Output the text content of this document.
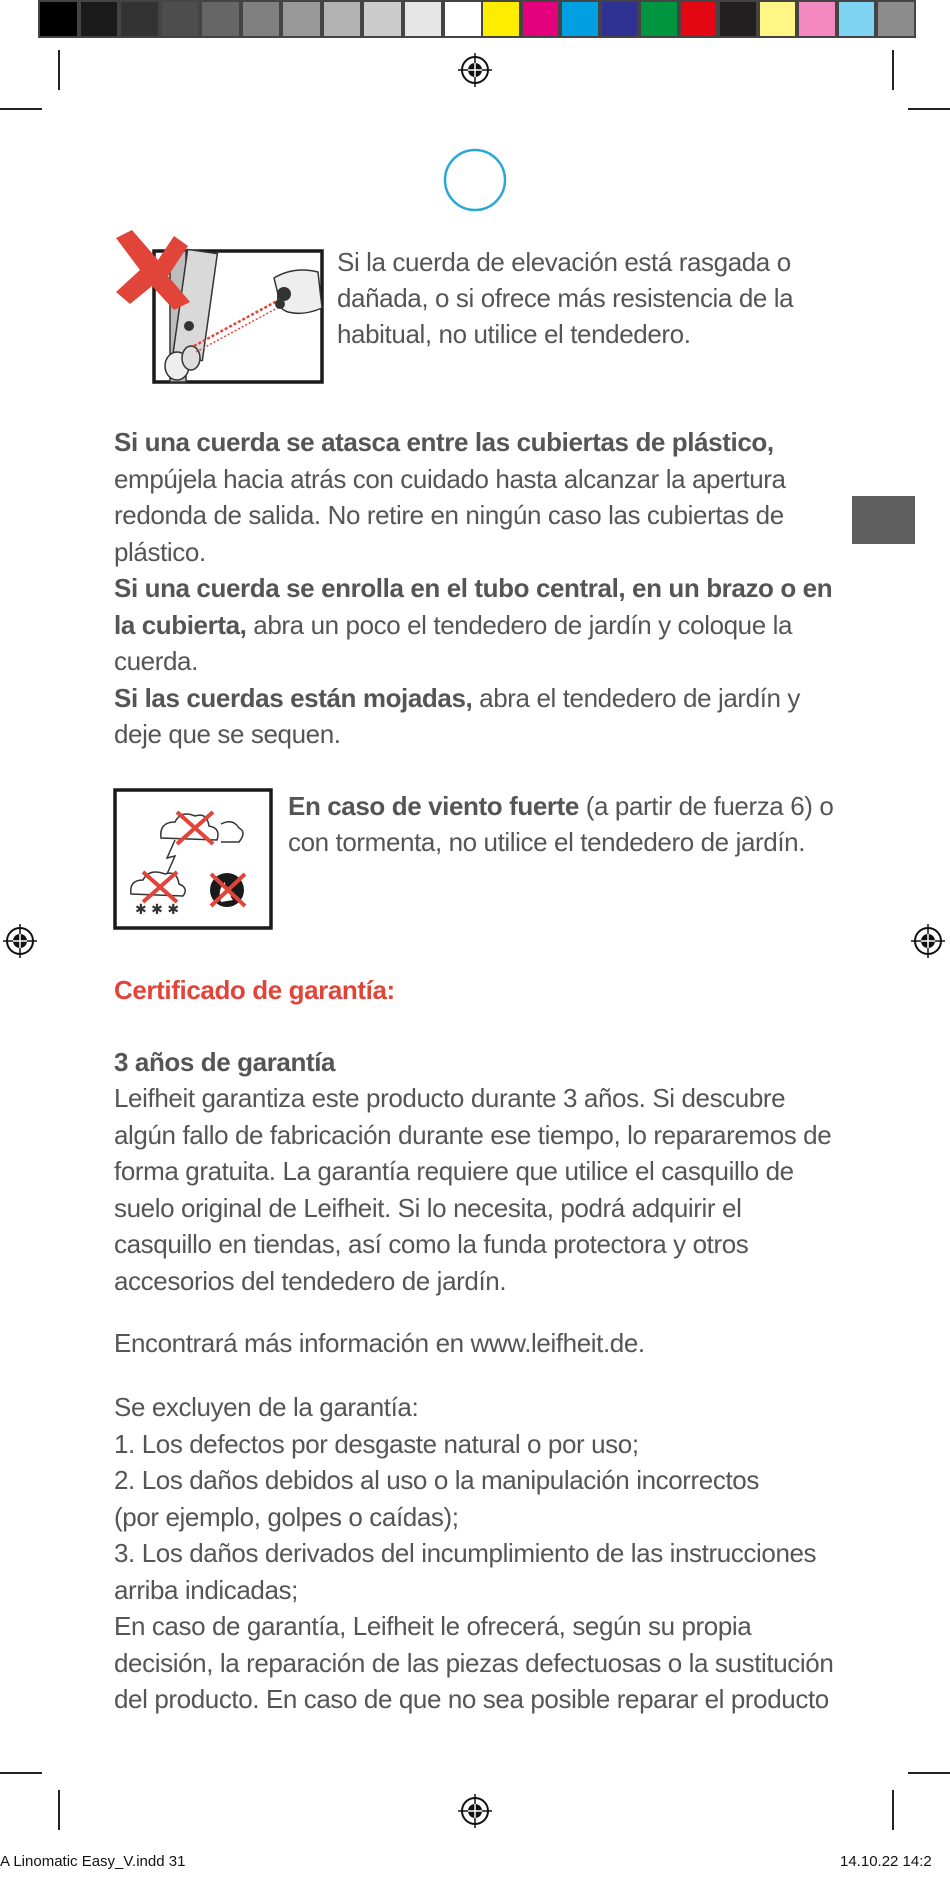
Si la cuerda de elevación está rasgada o dañada, o si ofrece más resistencia de la habitual, no utilice el tendedero.

Si una cuerda se atasca entre las cubiertas de plástico, empújela hacia atrás con cuidado hasta alcanzar la apertura redonda de salida. No retire en ningún caso las cubiertas de plástico.

Si una cuerda se enrolla en el tubo central, en un brazo o en la cubierta, abra un poco el tendedero de jardín y coloque la cuerda.

Si las cuerdas están mojadas, abra el tendedero de jardín y deje que se sequen.

✱ ✱ ✱
En caso de viento fuerte (a partir de fuerza 6) o con tormenta, no utilice el tendedero de jardín.
Certificado de garantía:
3 años de garantía
Leifheit garantiza este producto durante 3 años. Si descubre algún fallo de fabricación durante ese tiempo, lo repararemos de forma gratuita. La garantía requiere que utilice el casquillo de suelo original de Leifheit. Si lo necesita, podrá adquirir el casquillo en tiendas, así como la funda protectora y otros accesorios del tendedero de jardín.
Encontrará más información en www.leifheit.de.

Se excluyen de la garantía:

1. Los defectos por desgaste natural o por uso;

2. Los daños debidos al uso o la manipulación incorrectos

(por ejemplo, golpes o caídas);

3. Los daños derivados del incumplimiento de las instrucciones

arriba indicadas;

En caso de garantía, Leifheit le ofrecerá, según su propia decisión, la reparación de las piezas defectuosas o la sustitución del producto. En caso de que no sea posible reparar el producto

A Linomatic Easy_V.indd 31	14.10.22 14:2
